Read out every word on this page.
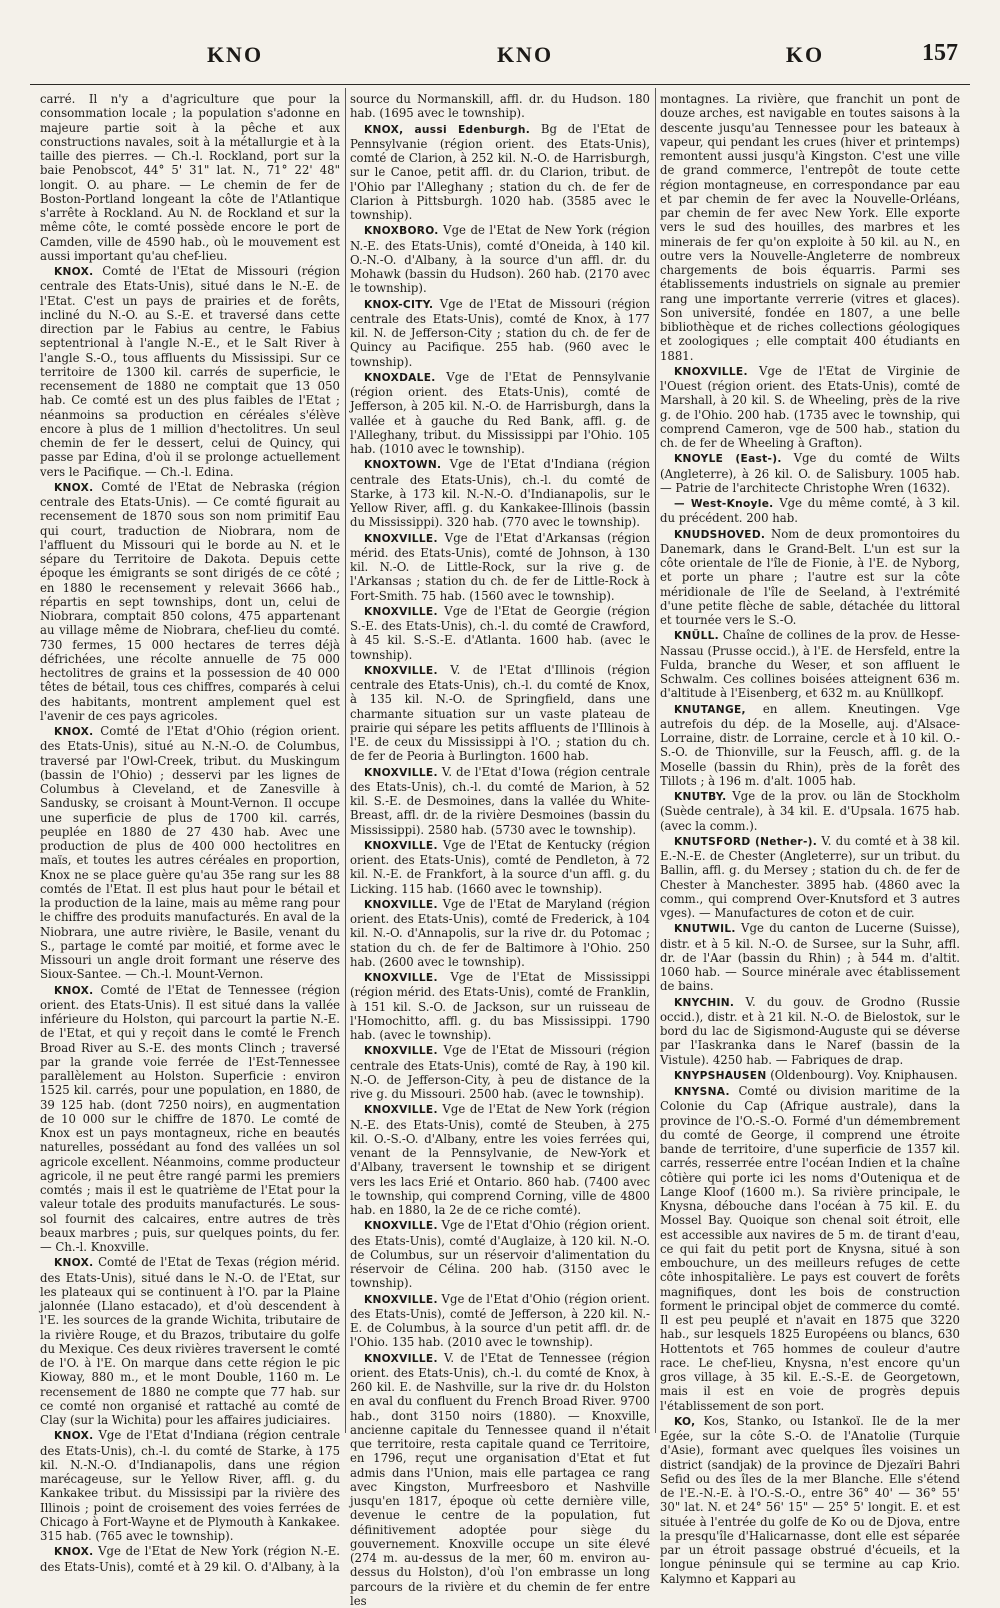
KNO	KNO	KO	157

carré. Il n'y a d'agriculture que pour la consommation locale ; la population s'adonne en majeure partie soit à la pêche et aux constructions navales, soit à la métallurgie et à la taille des pierres. — Ch.-l. Rockland, port sur la baie Penobscot, 44° 5' 31" lat. N., 71° 22' 48" longit. O. au phare. — Le chemin de fer de Boston-Portland longeant la côte de l'Atlantique s'arrête à Rockland. Au N. de Rockland et sur la même côte, le comté possède encore le port de Camden, ville de 4590 hab., où le mouvement est aussi important qu'au chef-lieu.

KNOX. Comté de l'Etat de Missouri (région centrale des Etats-Unis), situé dans le N.-E. de l'Etat. C'est un pays de prairies et de forêts, incliné du N.-O. au S.-E. et traversé dans cette direction par le Fabius au centre, le Fabius septentrional à l'angle N.-E., et le Salt River à l'angle S.-O., tous affluents du Mississipi. Sur ce territoire de 1300 kil. carrés de superficie, le recensement de 1880 ne comptait que 13 050 hab. Ce comté est un des plus faibles de l'Etat ; néanmoins sa production en céréales s'élève encore à plus de 1 million d'hectolitres. Un seul chemin de fer le dessert, celui de Quincy, qui passe par Edina, d'où il se prolonge actuellement vers le Pacifique. — Ch.-l. Edina.

KNOX. Comté de l'Etat de Nebraska (région centrale des Etats-Unis). — Ce comté figurait au recensement de 1870 sous son nom primitif Eau qui court, traduction de Niobrara, nom de l'affluent du Missouri qui le borde au N. et le sépare du Territoire de Dakota. Depuis cette époque les émigrants se sont dirigés de ce côté ; en 1880 le recensement y relevait 3666 hab., répartis en sept townships, dont un, celui de Niobrara, comptait 850 colons, 475 appartenant au village même de Niobrara, chef-lieu du comté. 730 fermes, 15 000 hectares de terres déjà défrichées, une récolte annuelle de 75 000 hectolitres de grains et la possession de 40 000 têtes de bétail, tous ces chiffres, comparés à celui des habitants, montrent amplement quel est l'avenir de ces pays agricoles.

KNOX. Comté de l'Etat d'Ohio (région orient. des Etats-Unis), situé au N.-N.-O. de Columbus, traversé par l'Owl-Creek, tribut. du Muskingum (bassin de l'Ohio) ; desservi par les lignes de Columbus à Cleveland, et de Zanesville à Sandusky, se croisant à Mount-Vernon. Il occupe une superficie de plus de 1700 kil. carrés, peuplée en 1880 de 27 430 hab. Avec une production de plus de 400 000 hectolitres en maïs, et toutes les autres céréales en proportion, Knox ne se place guère qu'au 35e rang sur les 88 comtés de l'Etat. Il est plus haut pour le bétail et la production de la laine, mais au même rang pour le chiffre des produits manufacturés. En aval de la Niobrara, une autre rivière, le Basile, venant du S., partage le comté par moitié, et forme avec le Missouri un angle droit formant une réserve des Sioux-Santee. — Ch.-l. Mount-Vernon.

KNOX. Comté de l'Etat de Tennessee (région orient. des Etats-Unis). Il est situé dans la vallée inférieure du Holston, qui parcourt la partie N.-E. de l'Etat, et qui y reçoit dans le comté le French Broad River au S.-E. des monts Clinch ; traversé par la grande voie ferrée de l'Est-Tennessee parallèlement au Holston. Superficie : environ 1525 kil. carrés, pour une population, en 1880, de 39 125 hab. (dont 7250 noirs), en augmentation de 10 000 sur le chiffre de 1870. Le comté de Knox est un pays montagneux, riche en beautés naturelles, possédant au fond des vallées un sol agricole excellent. Néanmoins, comme producteur agricole, il ne peut être rangé parmi les premiers comtés ; mais il est le quatrième de l'Etat pour la valeur totale des produits manufacturés. Le sous-sol fournit des calcaires, entre autres de très beaux marbres ; puis, sur quelques points, du fer. — Ch.-l. Knoxville.

KNOX. Comté de l'Etat de Texas (région mérid. des Etats-Unis), situé dans le N.-O. de l'Etat, sur les plateaux qui se continuent à l'O. par la Plaine jalonnée (Llano estacado), et d'où descendent à l'E. les sources de la grande Wichita, tributaire de la rivière Rouge, et du Brazos, tributaire du golfe du Mexique. Ces deux rivières traversent le comté de l'O. à l'E. On marque dans cette région le pic Kioway, 880 m., et le mont Double, 1160 m. Le recensement de 1880 ne compte que 77 hab. sur ce comté non organisé et rattaché au comté de Clay (sur la Wichita) pour les affaires judiciaires.

KNOX. Vge de l'Etat d'Indiana (région centrale des Etats-Unis), ch.-l. du comté de Starke, à 175 kil. N.-N.-O. d'Indianapolis, dans une région marécageuse, sur le Yellow River, affl. g. du Kankakee tribut. du Mississipi par la rivière des Illinois ; point de croisement des voies ferrées de Chicago à Fort-Wayne et de Plymouth à Kankakee. 315 hab. (765 avec le township).

KNOX. Vge de l'Etat de New York (région N.-E. des Etats-Unis), comté et à 29 kil. O. d'Albany, à la

source du Normanskill, affl. dr. du Hudson. 180 hab. (1695 avec le township).

KNOX, aussi Edenburgh. Bg de l'Etat de Pennsylvanie (région orient. des Etats-Unis), comté de Clarion, à 252 kil. N.-O. de Harrisburgh, sur le Canoe, petit affl. dr. du Clarion, tribut. de l'Ohio par l'Alleghany ; station du ch. de fer de Clarion à Pittsburgh. 1020 hab. (3585 avec le township).

KNOXBORO. Vge de l'Etat de New York (région N.-E. des Etats-Unis), comté d'Oneida, à 140 kil. O.-N.-O. d'Albany, à la source d'un affl. dr. du Mohawk (bassin du Hudson). 260 hab. (2170 avec le township).

KNOX-CITY. Vge de l'Etat de Missouri (région centrale des Etats-Unis), comté de Knox, à 177 kil. N. de Jefferson-City ; station du ch. de fer de Quincy au Pacifique. 255 hab. (960 avec le township).

KNOXDALE. Vge de l'Etat de Pennsylvanie (région orient. des Etats-Unis), comté de Jefferson, à 205 kil. N.-O. de Harrisburgh, dans la vallée et à gauche du Red Bank, affl. g. de l'Alleghany, tribut. du Mississippi par l'Ohio. 105 hab. (1010 avec le township).

KNOXTOWN. Vge de l'Etat d'Indiana (région centrale des Etats-Unis), ch.-l. du comté de Starke, à 173 kil. N.-N.-O. d'Indianapolis, sur le Yellow River, affl. g. du Kankakee-Illinois (bassin du Mississippi). 320 hab. (770 avec le township).

KNOXVILLE. Vge de l'Etat d'Arkansas (région mérid. des Etats-Unis), comté de Johnson, à 130 kil. N.-O. de Little-Rock, sur la rive g. de l'Arkansas ; station du ch. de fer de Little-Rock à Fort-Smith. 75 hab. (1560 avec le township).

KNOXVILLE. Vge de l'Etat de Georgie (région S.-E. des Etats-Unis), ch.-l. du comté de Crawford, à 45 kil. S.-S.-E. d'Atlanta. 1600 hab. (avec le township).

KNOXVILLE. V. de l'Etat d'Illinois (région centrale des Etats-Unis), ch.-l. du comté de Knox, à 135 kil. N.-O. de Springfield, dans une charmante situation sur un vaste plateau de prairie qui sépare les petits affluents de l'Illinois à l'E. de ceux du Mississippi à l'O. ; station du ch. de fer de Peoria à Burlington. 1600 hab.

KNOXVILLE. V. de l'Etat d'Iowa (région centrale des Etats-Unis), ch.-l. du comté de Marion, à 52 kil. S.-E. de Desmoines, dans la vallée du White-Breast, affl. dr. de la rivière Desmoines (bassin du Mississippi). 2580 hab. (5730 avec le township).

KNOXVILLE. Vge de l'Etat de Kentucky (région orient. des Etats-Unis), comté de Pendleton, à 72 kil. N.-E. de Frankfort, à la source d'un affl. g. du Licking. 115 hab. (1660 avec le township).

KNOXVILLE. Vge de l'Etat de Maryland (région orient. des Etats-Unis), comté de Frederick, à 104 kil. N.-O. d'Annapolis, sur la rive dr. du Potomac ; station du ch. de fer de Baltimore à l'Ohio. 250 hab. (2600 avec le township).

KNOXVILLE. Vge de l'Etat de Mississippi (région mérid. des Etats-Unis), comté de Franklin, à 151 kil. S.-O. de Jackson, sur un ruisseau de l'Homochitto, affl. g. du bas Mississippi. 1790 hab. (avec le township).

KNOXVILLE. Vge de l'Etat de Missouri (région centrale des Etats-Unis), comté de Ray, à 190 kil. N.-O. de Jefferson-City, à peu de distance de la rive g. du Missouri. 2500 hab. (avec le township).

KNOXVILLE. Vge de l'Etat de New York (région N.-E. des Etats-Unis), comté de Steuben, à 275 kil. O.-S.-O. d'Albany, entre les voies ferrées qui, venant de la Pennsylvanie, de New-York et d'Albany, traversent le township et se dirigent vers les lacs Erié et Ontario. 860 hab. (7400 avec le township, qui comprend Corning, ville de 4800 hab. en 1880, la 2e de ce riche comté).

KNOXVILLE. Vge de l'Etat d'Ohio (région orient. des Etats-Unis), comté d'Auglaize, à 120 kil. N.-O. de Columbus, sur un réservoir d'alimentation du réservoir de Célina. 200 hab. (3150 avec le township).

KNOXVILLE. Vge de l'Etat d'Ohio (région orient. des Etats-Unis), comté de Jefferson, à 220 kil. N.-E. de Columbus, à la source d'un petit affl. dr. de l'Ohio. 135 hab. (2010 avec le township).

KNOXVILLE. V. de l'Etat de Tennessee (région orient. des Etats-Unis), ch.-l. du comté de Knox, à 260 kil. E. de Nashville, sur la rive dr. du Holston en aval du confluent du French Broad River. 9700 hab., dont 3150 noirs (1880). — Knoxville, ancienne capitale du Tennessee quand il n'était que territoire, resta capitale quand ce Territoire, en 1796, reçut une organisation d'Etat et fut admis dans l'Union, mais elle partagea ce rang avec Kingston, Murfreesboro et Nashville jusqu'en 1817, époque où cette dernière ville, devenue le centre de la population, fut définitivement adoptée pour siège du gouvernement. Knoxville occupe un site élevé (274 m. au-dessus de la mer, 60 m. environ au-dessus du Holston), d'où l'on embrasse un long parcours de la rivière et du chemin de fer entre les

montagnes. La rivière, que franchit un pont de douze arches, est navigable en toutes saisons à la descente jusqu'au Tennessee pour les bateaux à vapeur, qui pendant les crues (hiver et printemps) remontent aussi jusqu'à Kingston. C'est une ville de grand commerce, l'entrepôt de toute cette région montagneuse, en correspondance par eau et par chemin de fer avec la Nouvelle-Orléans, par chemin de fer avec New York. Elle exporte vers le sud des houilles, des marbres et les minerais de fer qu'on exploite à 50 kil. au N., en outre vers la Nouvelle-Angleterre de nombreux chargements de bois équarris. Parmi ses établissements industriels on signale au premier rang une importante verrerie (vitres et glaces). Son université, fondée en 1807, a une belle bibliothèque et de riches collections géologiques et zoologiques ; elle comptait 400 étudiants en 1881.

KNOXVILLE. Vge de l'Etat de Virginie de l'Ouest (région orient. des Etats-Unis), comté de Marshall, à 20 kil. S. de Wheeling, près de la rive g. de l'Ohio. 200 hab. (1735 avec le township, qui comprend Cameron, vge de 500 hab., station du ch. de fer de Wheeling à Grafton).

KNOYLE (East-). Vge du comté de Wilts (Angleterre), à 26 kil. O. de Salisbury. 1005 hab. — Patrie de l'architecte Christophe Wren (1632).

— West-Knoyle. Vge du même comté, à 3 kil. du précédent. 200 hab.

KNUDSHOVED. Nom de deux promontoires du Danemark, dans le Grand-Belt. L'un est sur la côte orientale de l'île de Fionie, à l'E. de Nyborg, et porte un phare ; l'autre est sur la côte méridionale de l'île de Seeland, à l'extrémité d'une petite flèche de sable, détachée du littoral et tournée vers le S.-O.

KNÜLL. Chaîne de collines de la prov. de Hesse-Nassau (Prusse occid.), à l'E. de Hersfeld, entre la Fulda, branche du Weser, et son affluent le Schwalm. Ces collines boisées atteignent 636 m. d'altitude à l'Eisenberg, et 632 m. au Knüllkopf.

KNUTANGE, en allem. Kneutingen. Vge autrefois du dép. de la Moselle, auj. d'Alsace-Lorraine, distr. de Lorraine, cercle et à 10 kil. O.-S.-O. de Thionville, sur la Feusch, affl. g. de la Moselle (bassin du Rhin), près de la forêt des Tillots ; à 196 m. d'alt. 1005 hab.

KNUTBY. Vge de la prov. ou län de Stockholm (Suède centrale), à 34 kil. E. d'Upsala. 1675 hab. (avec la comm.).

KNUTSFORD (Nether-). V. du comté et à 38 kil. E.-N.-E. de Chester (Angleterre), sur un tribut. du Ballin, affl. g. du Mersey ; station du ch. de fer de Chester à Manchester. 3895 hab. (4860 avec la comm., qui comprend Over-Knutsford et 3 autres vges). — Manufactures de coton et de cuir.

KNUTWIL. Vge du canton de Lucerne (Suisse), distr. et à 5 kil. N.-O. de Sursee, sur la Suhr, affl. dr. de l'Aar (bassin du Rhin) ; à 544 m. d'altit. 1060 hab. — Source minérale avec établissement de bains.

KNYCHIN. V. du gouv. de Grodno (Russie occid.), distr. et à 21 kil. N.-O. de Bielostok, sur le bord du lac de Sigismond-Auguste qui se déverse par l'Iaskranka dans le Naref (bassin de la Vistule). 4250 hab. — Fabriques de drap.

KNYPSHAUSEN (Oldenbourg). Voy. Kniphausen.

KNYSNA. Comté ou division maritime de la Colonie du Cap (Afrique australe), dans la province de l'O.-S.-O. Formé d'un démembrement du comté de George, il comprend une étroite bande de territoire, d'une superficie de 1357 kil. carrés, resserrée entre l'océan Indien et la chaîne côtière qui porte ici les noms d'Outeniqua et de Lange Kloof (1600 m.). Sa rivière principale, le Knysna, débouche dans l'océan à 75 kil. E. du Mossel Bay. Quoique son chenal soit étroit, elle est accessible aux navires de 5 m. de tirant d'eau, ce qui fait du petit port de Knysna, situé à son embouchure, un des meilleurs refuges de cette côte inhospitalière. Le pays est couvert de forêts magnifiques, dont les bois de construction forment le principal objet de commerce du comté. Il est peu peuplé et n'avait en 1875 que 3220 hab., sur lesquels 1825 Européens ou blancs, 630 Hottentots et 765 hommes de couleur d'autre race. Le chef-lieu, Knysna, n'est encore qu'un gros village, à 35 kil. E.-S.-E. de Georgetown, mais il est en voie de progrès depuis l'établissement de son port.

KO, Kos, Stanko, ou Istankoï. Ile de la mer Egée, sur la côte S.-O. de l'Anatolie (Turquie d'Asie), formant avec quelques îles voisines un district (sandjak) de la province de Djezaïri Bahri Sefid ou des îles de la mer Blanche. Elle s'étend de l'E.-N.-E. à l'O.-S.-O., entre 36° 40' — 36° 55' 30" lat. N. et 24° 56' 15" — 25° 5' longit. E. et est située à l'entrée du golfe de Ko ou de Djova, entre la presqu'île d'Halicarnasse, dont elle est séparée par un étroit passage obstrué d'écueils, et la longue péninsule qui se termine au cap Krio. Kalymno et Kappari au
